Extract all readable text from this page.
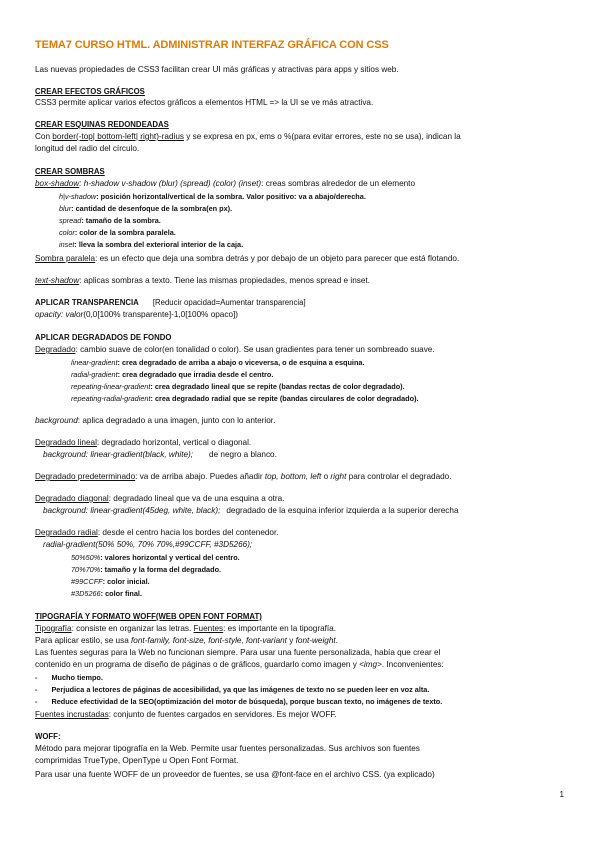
TEMA7 CURSO HTML. ADMINISTRAR INTERFAZ GRÁFICA CON CSS
Las nuevas propiedades de CSS3 facilitan crear UI más gráficas y atractivas para apps y sitios web.
CREAR EFECTOS GRÁFICOS
CSS3 permite aplicar varios efectos gráficos a elementos HTML => la UI se ve más atractiva.
CREAR ESQUINAS REDONDEADAS
Con border(-top| bottom-left| right)-radius y se expresa en px, ems o %(para evitar errores, este no se usa), indican la
longitud del radio del círculo.
CREAR SOMBRAS
box-shadow: h-shadow v-shadow (blur) (spread) (color) (inset): creas sombras alrededor de un elemento
h|v-shadow: posición horizontal/vertical de la sombra. Valor positivo: va a abajo/derecha.
blur: cantidad de desenfoque de la sombra(en px).
spread: tamaño de la sombra.
color: color de la sombra paralela.
inset: lleva la sombra del exterioral interior de la caja.
Sombra paralela: es un efecto que deja una sombra detrás y por debajo de un objeto para parecer que está flotando.
text-shadow: aplicas sombras a texto. Tiene las mismas propiedades, menos spread e inset.
APLICAR TRANSPARENCIA [Reducir opacidad=Aumentar transparencia]
opacity: valor(0,0[100% transparente]-1,0[100% opaco])
APLICAR DEGRADADOS DE FONDO
Degradado: cambio suave de color(en tonalidad o color). Se usan gradientes para tener un sombreado suave.
linear-gradient: crea degradado de arriba a abajo o viceversa, o de esquina a esquina.
radial-gradient: crea degradado que irradia desde el centro.
repeating-linear-gradient: crea degradado lineal que se repite (bandas rectas de color degradado).
repeating-radial-gradient: crea degradado radial que se repite (bandas circulares de color degradado).
background: aplica degradado a una imagen, junto con lo anterior.
Degradado lineal: degradado horizontal, vertical o diagonal.
background: linear-gradient(black, white); de negro a blanco.
Degradado predeterminado: va de arriba abajo. Puedes añadir top, bottom, left o right para controlar el degradado.
Degradado diagonal: degradado lineal que va de una esquina a otra.
background: linear-gradient(45deg, white, black); degradado de la esquina inferior izquierda a la superior derecha
Degradado radial: desde el centro hacia los bordes del contenedor.
radial-gradient(50% 50%, 70% 70%,#99CCFF, #3D5266);
50%50%: valores horizontal y vertical del centro.
70%70%: tamaño y la forma del degradado.
#99CCFF: color inicial.
#3D5266: color final.
TIPOGRAFÍA Y FORMATO WOFF(WEB OPEN FONT FORMAT)
Tipografía: consiste en organizar las letras. Fuentes: es importante en la tipografía.
Para aplicar estilo, se usa font-family, font-size, font-style, font-variant y font-weight.
Las fuentes seguras para la Web no funcionan siempre. Para usar una fuente personalizada, había que crear el
contenido en un programa de diseño de páginas o de gráficos, guardarlo como imagen y <img>. Inconvenientes:
- Mucho tiempo.
- Perjudica a lectores de páginas de accesibilidad, ya que las imágenes de texto no se pueden leer en voz alta.
- Reduce efectividad de la SEO(optimización del motor de búsqueda), porque buscan texto, no imágenes de texto.
Fuentes incrustadas: conjunto de fuentes cargados en servidores. Es mejor WOFF.
WOFF:
Método para mejorar tipografía en la Web. Permite usar fuentes personalizadas. Sus archivos son fuentes
comprimidas TrueType, OpenType u Open Font Format.
Para usar una fuente WOFF de un proveedor de fuentes, se usa @font-face en el archivo CSS. (ya explicado)
1
